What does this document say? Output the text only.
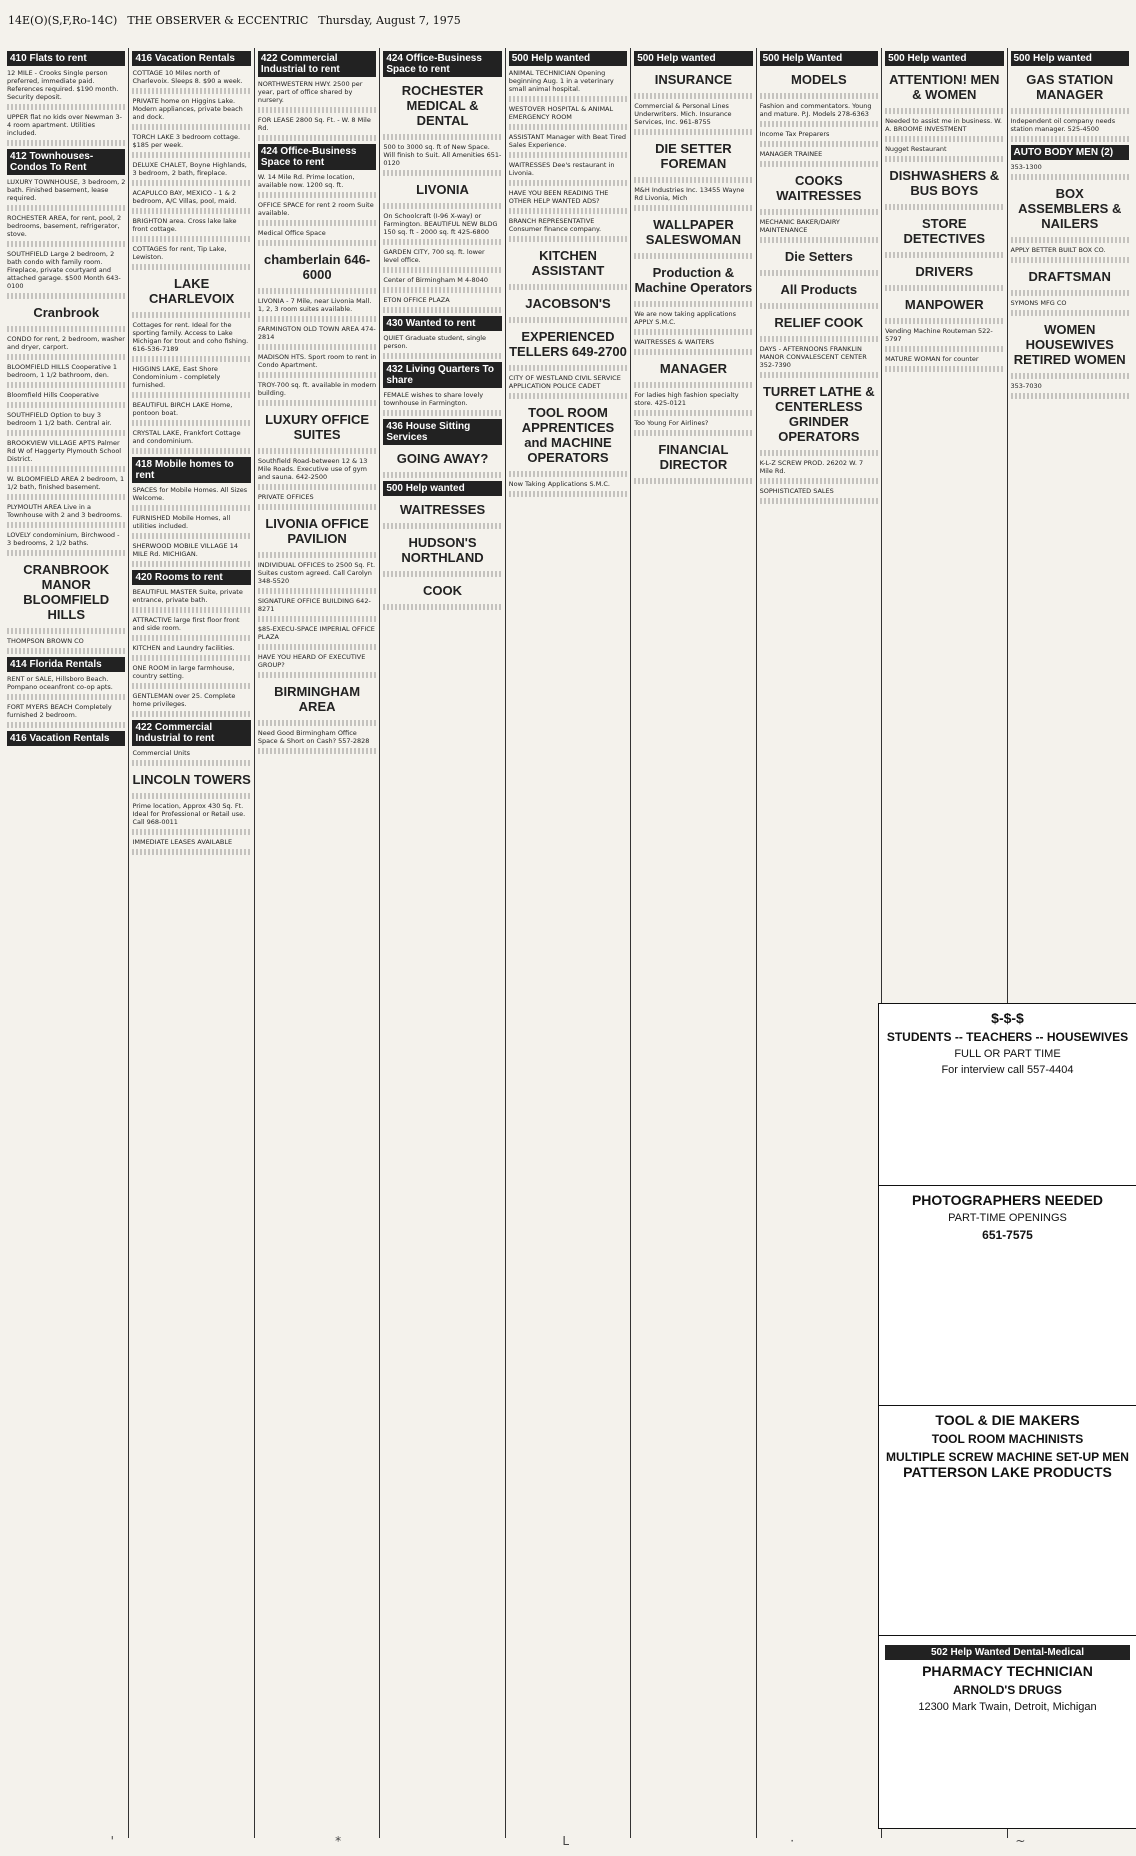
14E(O)(S,F,Ro-14C) THE OBSERVER & ECCENTRIC Thursday, August 7, 1975
410 Flats to rent
12 MILE - Crooks Single person preferred, immediate paid. References required. $190 month. Security deposit.
UPPER flat no kids over Newman 3-4 room apartment. Utilities included.
412 Townhouses-Condos To Rent
LUXURY TOWNHOUSE, 3 bedroom, 2 bath. Finished basement, lease required.
ROCHESTER AREA, for rent, pool, 2 bedrooms, basement, refrigerator, stove.
SOUTHFIELD Large 2 bedroom, 2 bath condo with family room. Fireplace, private courtyard and attached garage. $500 Month 643-0100
Cranbrook
CONDO for rent, 2 bedroom, washer and dryer, carport.
BLOOMFIELD HILLS Cooperative 1 bedroom, 1 1/2 bathroom, den.
Bloomfield Hills Cooperative
SOUTHFIELD Option to buy 3 bedroom 1 1/2 bath. Central air.
BROOKVIEW VILLAGE APTS Palmer Rd W of Haggerty Plymouth School District.
W. BLOOMFIELD AREA 2 bedroom, 1 1/2 bath, finished basement.
PLYMOUTH AREA Live in a Townhouse with 2 and 3 bedrooms.
LOVELY condominium, Birchwood - 3 bedrooms, 2 1/2 baths.
CRANBROOK MANOR BLOOMFIELD HILLS
THOMPSON BROWN CO
414 Florida Rentals
RENT or SALE, Hillsboro Beach. Pompano oceanfront co-op apts.
FORT MYERS BEACH Completely furnished 2 bedroom.
416 Vacation Rentals
416 Vacation Rentals
COTTAGE 10 Miles north of Charlevoix. Sleeps 8. $90 a week.
PRIVATE home on Higgins Lake. Modern appliances, private beach and dock.
TORCH LAKE 3 bedroom cottage. $185 per week.
DELUXE CHALET, Boyne Highlands, 3 bedroom, 2 bath, fireplace.
ACAPULCO BAY, MEXICO - 1 & 2 bedroom, A/C Villas, pool, maid.
BRIGHTON area. Cross lake lake front cottage.
COTTAGES for rent, Tip Lake, Lewiston.
LAKE CHARLEVOIX
Cottages for rent. Ideal for the sporting family. Access to Lake Michigan for trout and coho fishing. 616-536-7189
HIGGINS LAKE, East Shore Condominium - completely furnished.
BEAUTIFUL BIRCH LAKE Home, pontoon boat.
CRYSTAL LAKE, Frankfort Cottage and condominium.
418 Mobile homes to rent
SPACES for Mobile Homes. All Sizes Welcome.
FURNISHED Mobile Homes, all utilities included.
SHERWOOD MOBILE VILLAGE 14 MILE Rd. MICHIGAN.
420 Rooms to rent
BEAUTIFUL MASTER Suite, private entrance, private bath.
ATTRACTIVE large first floor front and side room.
KITCHEN and Laundry facilities.
ONE ROOM in large farmhouse, country setting.
GENTLEMAN over 25. Complete home privileges.
422 Commercial Industrial to rent
Commercial Units
LINCOLN TOWERS
Prime location, Approx 430 Sq. Ft. Ideal for Professional or Retail use. Call 968-0011
IMMEDIATE LEASES AVAILABLE
422 Commercial Industrial to rent
NORTHWESTERN HWY. 2500 per year, part of office shared by nursery.
FOR LEASE 2800 Sq. Ft. - W. 8 Mile Rd.
424 Office-Business Space to rent
W. 14 Mile Rd. Prime location, available now. 1200 sq. ft.
OFFICE SPACE for rent 2 room Suite available.
Medical Office Space
chamberlain 646-6000
LIVONIA - 7 Mile, near Livonia Mall. 1, 2, 3 room suites available.
FARMINGTON OLD TOWN AREA 474-2814
MADISON HTS. Sport room to rent in Condo Apartment.
TROY-700 sq. ft. available in modern building.
LUXURY OFFICE SUITES
Southfield Road-between 12 & 13 Mile Roads. Executive use of gym and sauna. 642-2500
PRIVATE OFFICES
LIVONIA OFFICE PAVILION
INDIVIDUAL OFFICES to 2500 Sq. Ft. Suites custom agreed. Call Carolyn 348-5520
SIGNATURE OFFICE BUILDING 642-8271
$85-EXECU-SPACE IMPERIAL OFFICE PLAZA
HAVE YOU HEARD OF EXECUTIVE GROUP?
BIRMINGHAM AREA
Need Good Birmingham Office Space & Short on Cash? 557-2828
424 Office-Business Space to rent
ROCHESTER MEDICAL & DENTAL
500 to 3000 sq. ft of New Space. Will finish to Suit. All Amenities 651-0120
LIVONIA
On Schoolcraft (I-96 X-way) or Farmington. BEAUTIFUL NEW BLDG 150 sq. ft - 2000 sq. ft 425-6800
GARDEN CITY, 700 sq. ft. lower level office.
Center of Birmingham M 4-8040
ETON OFFICE PLAZA
430 Wanted to rent
QUIET Graduate student, single person.
432 Living Quarters To share
FEMALE wishes to share lovely townhouse in Farmington.
436 House Sitting Services
GOING AWAY?
500 Help wanted
WAITRESSES
HUDSON'S NORTHLAND
COOK
500 Help wanted
ANIMAL TECHNICIAN Opening beginning Aug. 1 in a veterinary small animal hospital.
WESTOVER HOSPITAL & ANIMAL EMERGENCY ROOM
ASSISTANT Manager with Beat Tired Sales Experience.
WAITRESSES Dee's restaurant in Livonia.
HAVE YOU BEEN READING THE OTHER HELP WANTED ADS?
BRANCH REPRESENTATIVE Consumer finance company.
KITCHEN ASSISTANT
JACOBSON'S
EXPERIENCED TELLERS 649-2700
CITY OF WESTLAND CIVIL SERVICE APPLICATION POLICE CADET
TOOL ROOM APPRENTICES and MACHINE OPERATORS
Now Taking Applications S.M.C.
500 Help wanted
INSURANCE
Commercial & Personal Lines Underwriters. Mich. Insurance Services, Inc. 961-8755
DIE SETTER FOREMAN
M&H Industries Inc. 13455 Wayne Rd Livonia, Mich
WALLPAPER SALESWOMAN
Production & Machine Operators
We are now taking applications APPLY S.M.C.
WAITRESSES & WAITERS
MANAGER
For ladies high fashion specialty store. 425-0121
Too Young For Airlines?
FINANCIAL DIRECTOR
500 Help Wanted
MODELS
Fashion and commentators. Young and mature. P.J. Models 278-6363
Income Tax Preparers
MANAGER TRAINEE
COOKS WAITRESSES
MECHANIC BAKER/DAIRY MAINTENANCE
Die Setters
All Products
RELIEF COOK
DAYS - AFTERNOONS FRANKLIN MANOR CONVALESCENT CENTER 352-7390
TURRET LATHE & CENTERLESS GRINDER OPERATORS
K-L-Z SCREW PROD. 26202 W. 7 Mile Rd.
SOPHISTICATED SALES
500 Help wanted
ATTENTION! MEN & WOMEN
Needed to assist me in business. W. A. BROOME INVESTMENT
Nugget Restaurant
DISHWASHERS & BUS BOYS
STORE DETECTIVES
DRIVERS
MANPOWER
Vending Machine Routeman 522-5797
MATURE WOMAN for counter
500 Help wanted
GAS STATION MANAGER
Independent oil company needs station manager. 525-4500
AUTO BODY MEN (2)
353-1300
BOX ASSEMBLERS & NAILERS
APPLY BETTER BUILT BOX CO.
DRAFTSMAN
SYMONS MFG CO
WOMEN HOUSEWIVES RETIRED WOMEN
353-7030
$-$-$
STUDENTS -- TEACHERS -- HOUSEWIVES
FULL OR PART TIME
For interview call 557-4404
PHOTOGRAPHERS NEEDED
PART-TIME OPENINGS
651-7575
TOOL & DIE MAKERS
TOOL ROOM MACHINISTS
MULTIPLE SCREW MACHINE SET-UP MEN
PATTERSON LAKE PRODUCTS
502 Help Wanted Dental-Medical
PHARMACY TECHNICIAN
ARNOLD'S DRUGS
12300 Mark Twain, Detroit, Michigan
'	*	L	·	~
